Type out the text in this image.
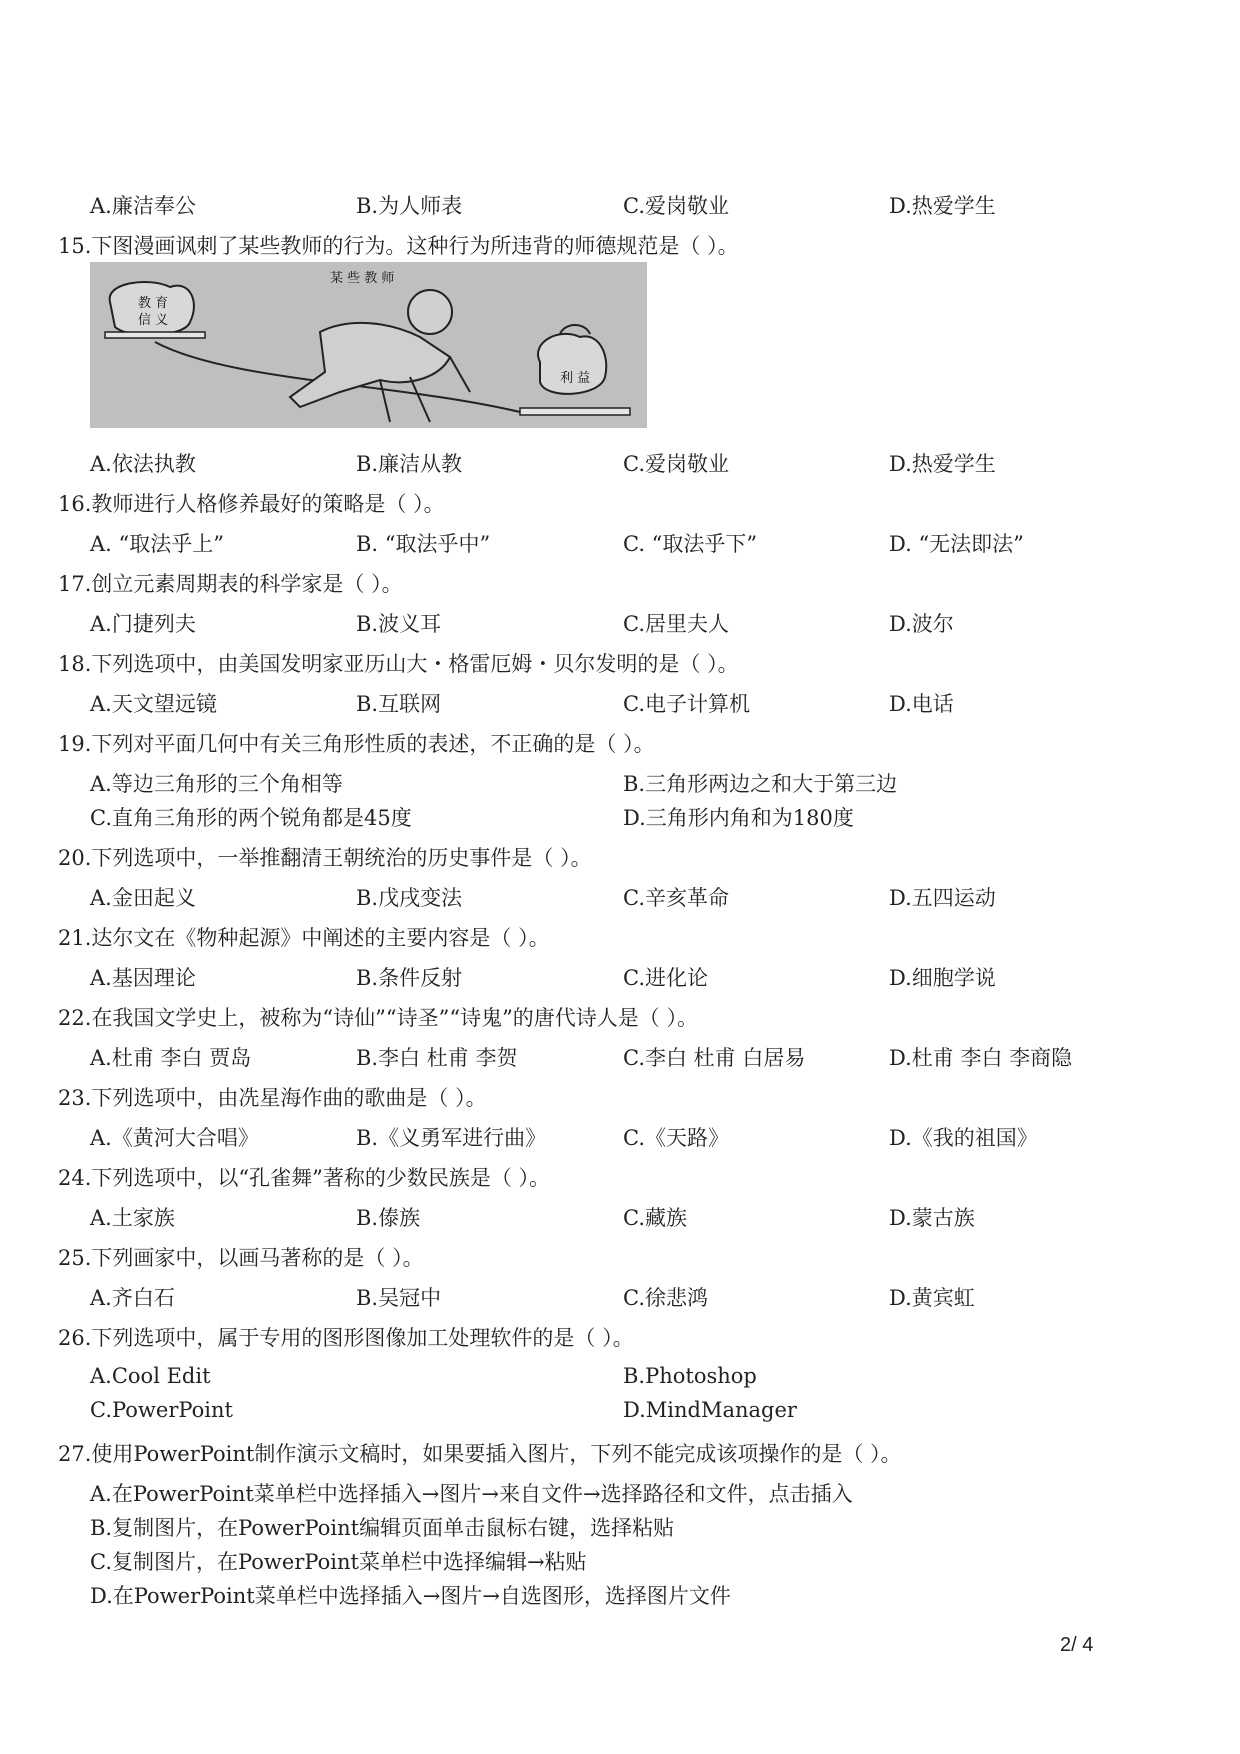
A.廉洁奉公	B.为人师表	C.爱岗敬业	D.热爱学生
15.下图漫画讽刺了某些教师的行为。这种行为所违背的师德规范是（ ）。
某 些 教 师
教 育
信 义
利 益
A.依法执教	B.廉洁从教	C.爱岗敬业	D.热爱学生
16.教师进行人格修养最好的策略是（ ）。
A. “取法乎上”	B. “取法乎中”	C. “取法乎下”	D. “无法即法”
17.创立元素周期表的科学家是（ ）。
A.门捷列夫	B.波义耳	C.居里夫人	D.波尔
18.下列选项中，由美国发明家亚历山大・格雷厄姆・贝尔发明的是（ ）。
A.天文望远镜	B.互联网	C.电子计算机	D.电话
19.下列对平面几何中有关三角形性质的表述，不正确的是（ ）。
A.等边三角形的三个角相等	B.三角形两边之和大于第三边
C.直角三角形的两个锐角都是45度	D.三角形内角和为180度
20.下列选项中，一举推翻清王朝统治的历史事件是（ ）。
A.金田起义	B.戊戌变法	C.辛亥革命	D.五四运动
21.达尔文在《物种起源》中阐述的主要内容是（ ）。
A.基因理论	B.条件反射	C.进化论	D.细胞学说
22.在我国文学史上，被称为“诗仙”“诗圣”“诗鬼”的唐代诗人是（ ）。
A.杜甫 李白 贾岛	B.李白 杜甫 李贺	C.李白 杜甫 白居易	D.杜甫 李白 李商隐
23.下列选项中，由冼星海作曲的歌曲是（ ）。
A.《黄河大合唱》	B.《义勇军进行曲》	C.《天路》	D.《我的祖国》
24.下列选项中，以“孔雀舞”著称的少数民族是（ ）。
A.土家族	B.傣族	C.藏族	D.蒙古族
25.下列画家中，以画马著称的是（ ）。
A.齐白石	B.吴冠中	C.徐悲鸿	D.黄宾虹
26.下列选项中，属于专用的图形图像加工处理软件的是（ ）。
A.Cool Edit	B.Photoshop
C.PowerPoint	D.MindManager
27.使用PowerPoint制作演示文稿时，如果要插入图片，下列不能完成该项操作的是（ ）。
A.在PowerPoint菜单栏中选择插入→图片→来自文件→选择路径和文件，点击插入
B.复制图片，在PowerPoint编辑页面单击鼠标右键，选择粘贴
C.复制图片，在PowerPoint菜单栏中选择编辑→粘贴
D.在PowerPoint菜单栏中选择插入→图片→自选图形，选择图片文件
2/ 4
